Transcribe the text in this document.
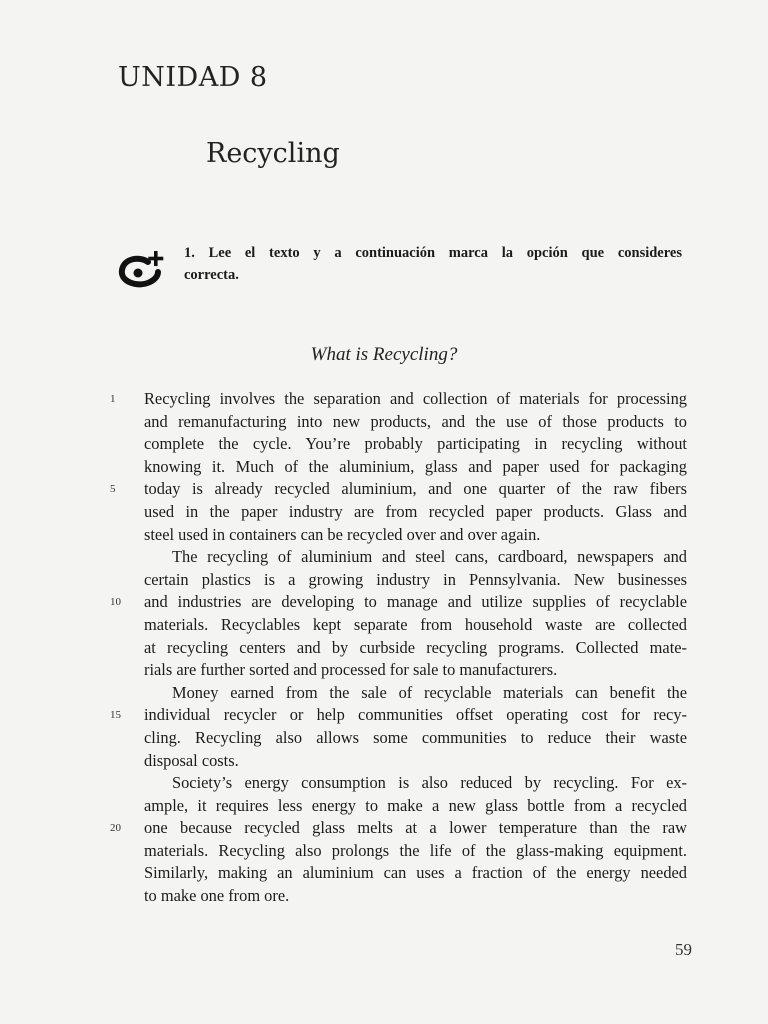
UNIDAD 8
Recycling
1. Lee el texto y a continuación marca la opción que consideres
correcta.
What is Recycling?
1	Recycling involves the separation and collection of materials for processing
and remanufacturing into new products, and the use of those products to
complete the cycle. You’re probably participating in recycling without
knowing it. Much of the aluminium, glass and paper used for packaging
5	today is already recycled aluminium, and one quarter of the raw fibers
used in the paper industry are from recycled paper products. Glass and
steel used in containers can be recycled over and over again.
The recycling of aluminium and steel cans, cardboard, newspapers and
certain plastics is a growing industry in Pennsylvania. New businesses
10	and industries are developing to manage and utilize supplies of recyclable
materials. Recyclables kept separate from household waste are collected
at recycling centers and by curbside recycling programs. Collected mate-
rials are further sorted and processed for sale to manufacturers.
Money earned from the sale of recyclable materials can benefit the
15	individual recycler or help communities offset operating cost for recy-
cling. Recycling also allows some communities to reduce their waste
disposal costs.
Society’s energy consumption is also reduced by recycling. For ex-
ample, it requires less energy to make a new glass bottle from a recycled
20	one because recycled glass melts at a lower temperature than the raw
materials. Recycling also prolongs the life of the glass-making equipment.
Similarly, making an aluminium can uses a fraction of the energy needed
to make one from ore.
59
